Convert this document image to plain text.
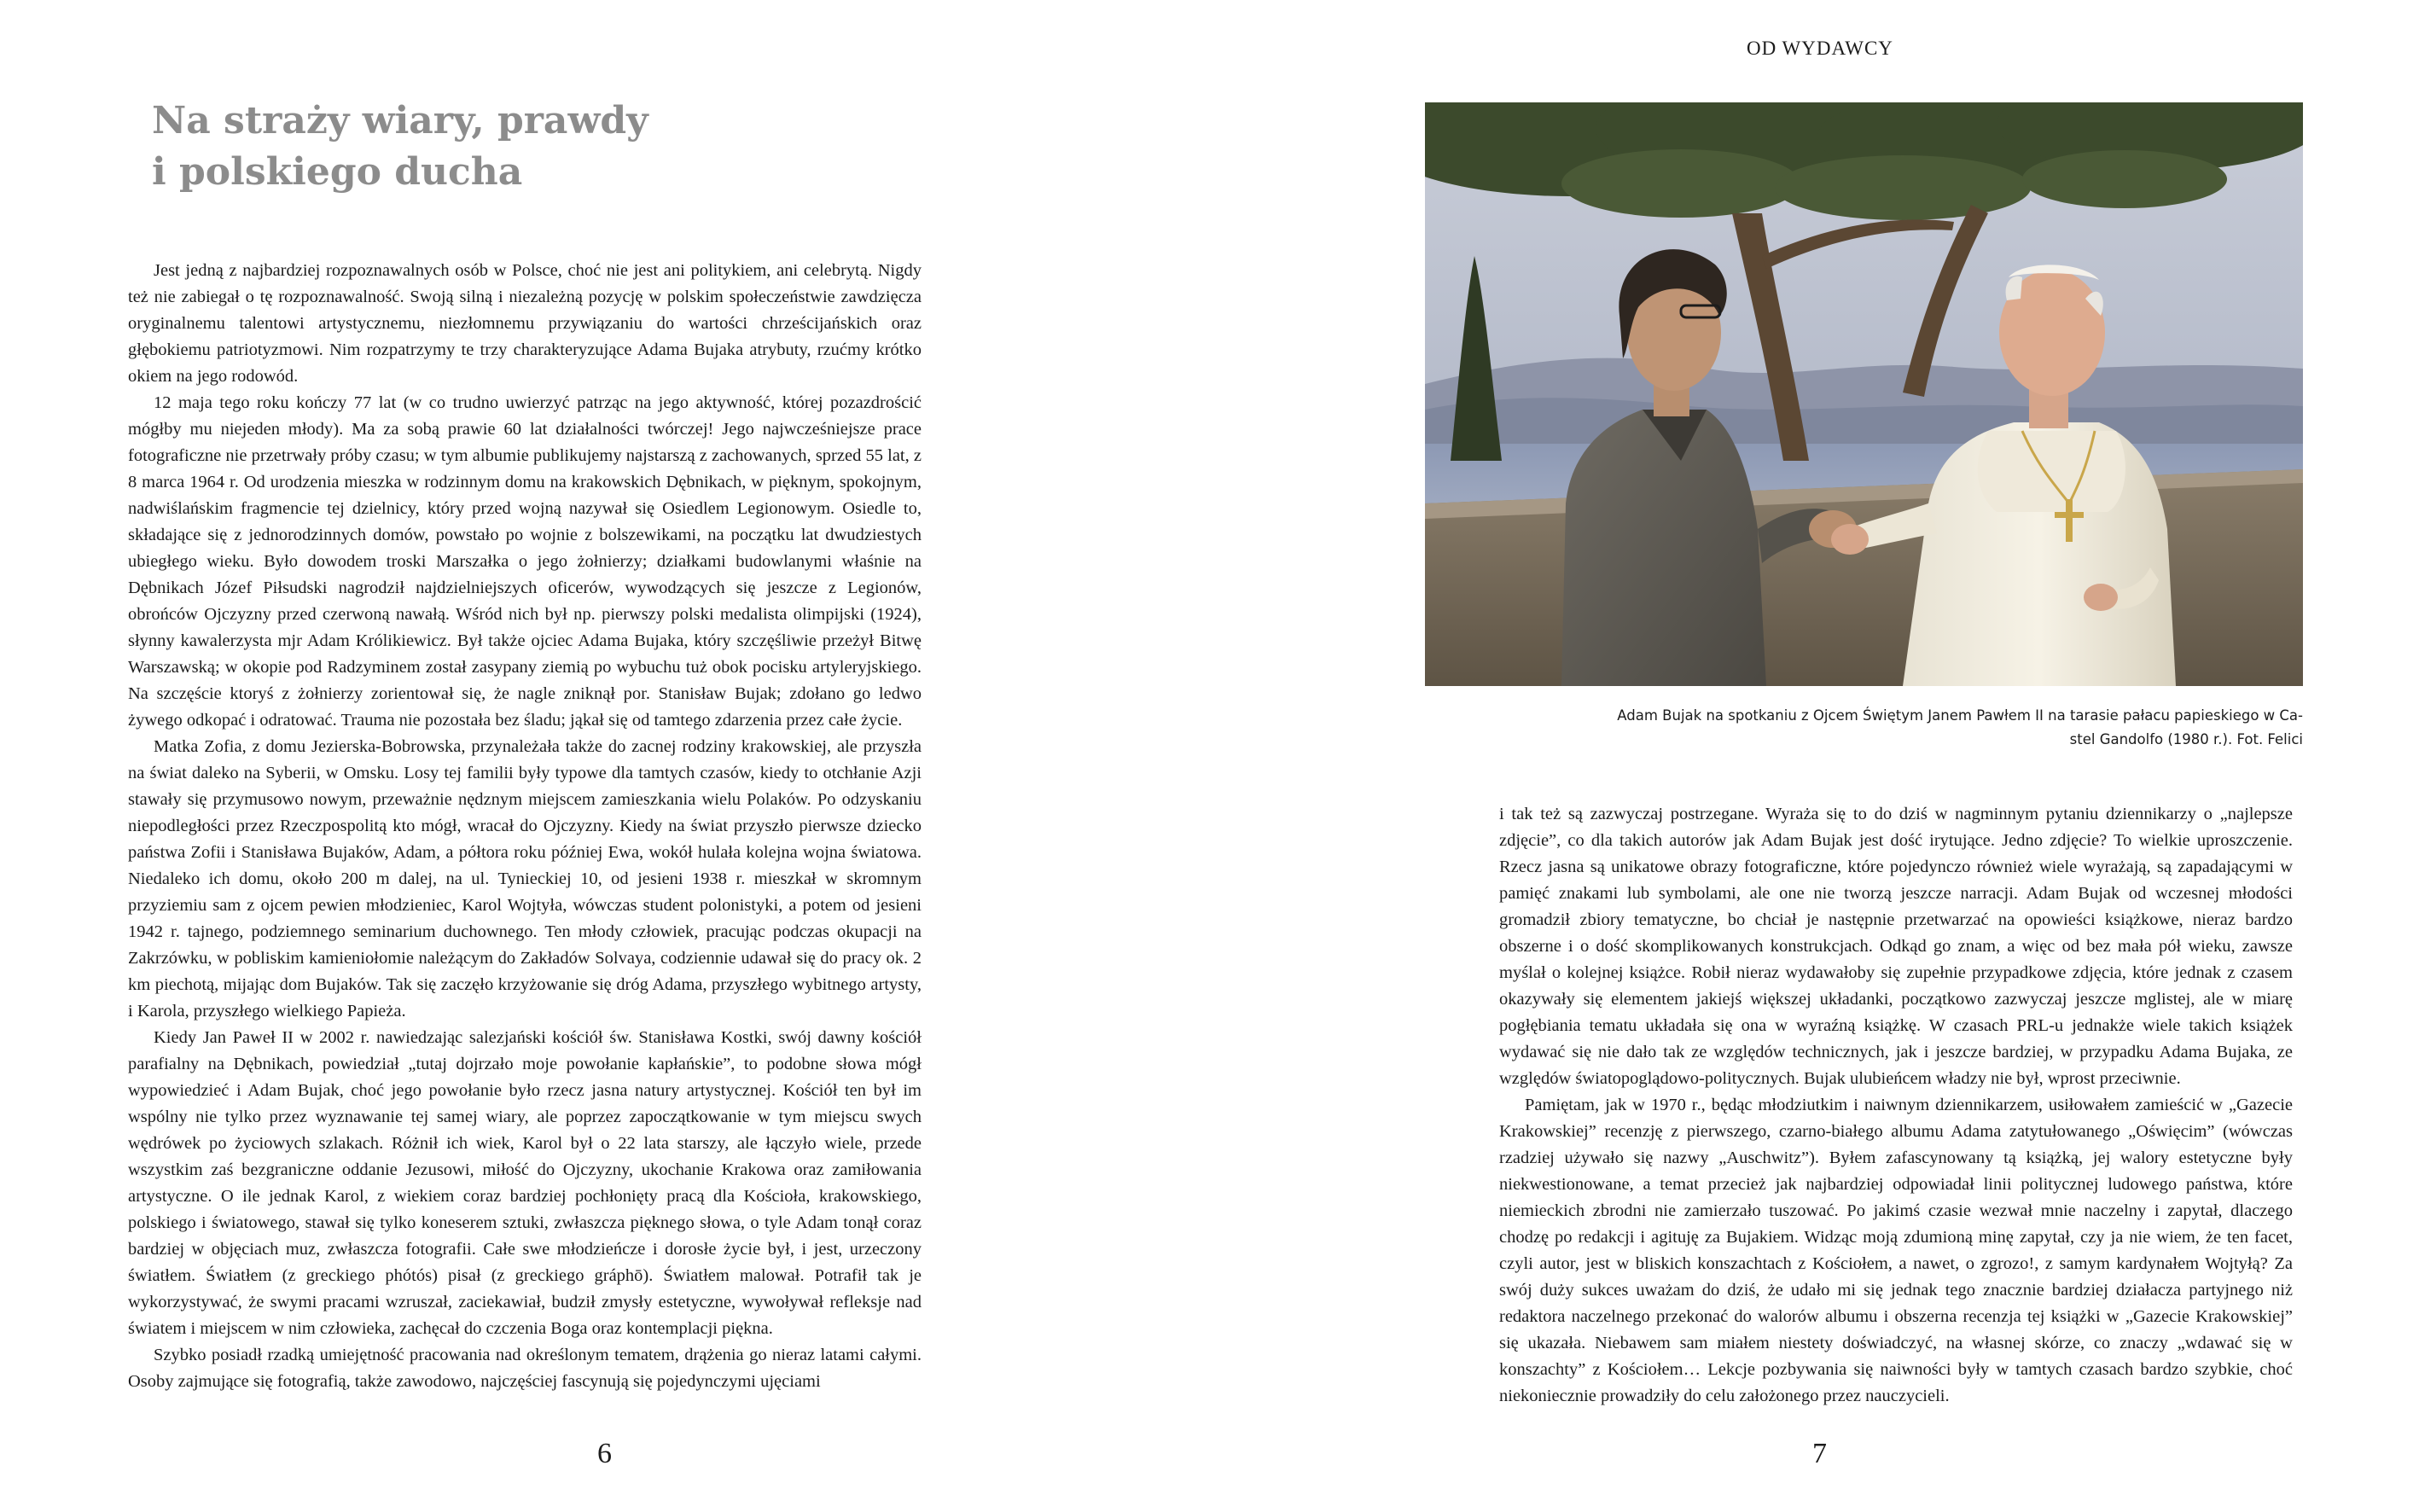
Na straży wiary, prawdy
i polskiego ducha

Jest jedną z najbardziej rozpoznawalnych osób w Polsce, choć nie jest ani politykiem, ani celebrytą. Nigdy też nie zabiegał o tę rozpoznawalność. Swoją silną i niezależną pozycję w polskim społeczeństwie zawdzięcza oryginalnemu talentowi artystycznemu, niezłomnemu przywiązaniu do wartości chrześcijańskich oraz głębokiemu patriotyzmowi. Nim rozpatrzymy te trzy charakteryzujące Adama Bujaka atrybuty, rzućmy krótko okiem na jego rodowód.

12 maja tego roku kończy 77 lat (w co trudno uwierzyć patrząc na jego aktywność, której pozazdrościć mógłby mu niejeden młody). Ma za sobą prawie 60 lat działalności twórczej! Jego najwcześniejsze prace fotograficzne nie przetrwały próby czasu; w tym albumie publikujemy najstarszą z zachowanych, sprzed 55 lat, z 8 marca 1964 r. Od urodzenia mieszka w rodzinnym domu na krakowskich Dębnikach, w pięknym, spokojnym, nadwiślańskim fragmencie tej dzielnicy, który przed wojną nazywał się Osiedlem Legionowym. Osiedle to, składające się z jednorodzinnych domów, powstało po wojnie z bolszewikami, na początku lat dwudziestych ubiegłego wieku. Było dowodem troski Marszałka o jego żołnierzy; działkami budowlanymi właśnie na Dębnikach Józef Piłsudski nagrodził najdzielniejszych oficerów, wywodzących się jeszcze z Legionów, obrońców Ojczyzny przed czerwoną nawałą. Wśród nich był np. pierwszy polski medalista olimpijski (1924), słynny kawalerzysta mjr Adam Królikiewicz. Był także ojciec Adama Bujaka, który szczęśliwie przeżył Bitwę Warszawską; w okopie pod Radzyminem został zasypany ziemią po wybuchu tuż obok pocisku artyleryjskiego. Na szczęście ktoryś z żołnierzy zorientował się, że nagle zniknął por. Stanisław Bujak; zdołano go ledwo żywego odkopać i odratować. Trauma nie pozostała bez śladu; jąkał się od tamtego zdarzenia przez całe życie.

Matka Zofia, z domu Jezierska-Bobrowska, przynależała także do zacnej rodziny krakowskiej, ale przyszła na świat daleko na Syberii, w Omsku. Losy tej familii były typowe dla tamtych czasów, kiedy to otchłanie Azji stawały się przymusowo nowym, przeważnie nędznym miejscem zamieszkania wielu Polaków. Po odzyskaniu niepodległości przez Rzeczpospolitą kto mógł, wracał do Ojczyzny. Kiedy na świat przyszło pierwsze dziecko państwa Zofii i Stanisława Bujaków, Adam, a półtora roku później Ewa, wokół hulała kolejna wojna światowa. Niedaleko ich domu, około 200 m dalej, na ul. Tynieckiej 10, od jesieni 1938 r. mieszkał w skromnym przyziemiu sam z ojcem pewien młodzieniec, Karol Wojtyła, wówczas student polonistyki, a potem od jesieni 1942 r. tajnego, podziemnego seminarium duchownego. Ten młody człowiek, pracując podczas okupacji na Zakrzówku, w pobliskim kamieniołomie należącym do Zakładów Solvaya, codziennie udawał się do pracy ok. 2 km piechotą, mijając dom Bujaków. Tak się zaczęło krzyżowanie się dróg Adama, przyszłego wybitnego artysty, i Karola, przyszłego wielkiego Papieża.

Kiedy Jan Paweł II w 2002 r. nawiedzając salezjański kościół św. Stanisława Kostki, swój dawny kościół parafialny na Dębnikach, powiedział „tutaj dojrzało moje powołanie kapłańskie”, to podobne słowa mógł wypowiedzieć i Adam Bujak, choć jego powołanie było rzecz jasna natury artystycznej. Kościół ten był im wspólny nie tylko przez wyznawanie tej samej wiary, ale poprzez zapoczątkowanie w tym miejscu swych wędrówek po życiowych szlakach. Różnił ich wiek, Karol był o 22 lata starszy, ale łączyło wiele, przede wszystkim zaś bezgraniczne oddanie Jezusowi, miłość do Ojczyzny, ukochanie Krakowa oraz zamiłowania artystyczne. O ile jednak Karol, z wiekiem coraz bardziej pochłonięty pracą dla Kościoła, krakowskiego, polskiego i światowego, stawał się tylko koneserem sztuki, zwłaszcza pięknego słowa, o tyle Adam tonął coraz bardziej w objęciach muz, zwłaszcza fotografii. Całe swe młodzieńcze i dorosłe życie był, i jest, urzeczony światłem. Światłem (z greckiego phótós) pisał (z greckiego gráphō). Światłem malował. Potrafił tak je wykorzystywać, że swymi pracami wzruszał, zaciekawiał, budził zmysły estetyczne, wywoływał refleksje nad światem i miejscem w nim człowieka, zachęcał do czczenia Boga oraz kontemplacji piękna.

Szybko posiadł rzadką umiejętność pracowania nad określonym tematem, drążenia go nieraz latami całymi. Osoby zajmujące się fotografią, także zawodowo, najczęściej fascynują się pojedynczymi ujęciami

6
OD WYDAWCY
Adam Bujak na spotkaniu z Ojcem Świętym Janem Pawłem II na tarasie pałacu papieskiego w Ca-
stel Gandolfo (1980 r.). Fot. Felici

i tak też są zazwyczaj postrzegane. Wyraża się to do dziś w nagminnym pytaniu dziennikarzy o „najlepsze zdjęcie”, co dla takich autorów jak Adam Bujak jest dość irytujące. Jedno zdjęcie? To wielkie uproszczenie. Rzecz jasna są unikatowe obrazy fotograficzne, które pojedynczo również wiele wyrażają, są zapadającymi w pamięć znakami lub symbolami, ale one nie tworzą jeszcze narracji. Adam Bujak od wczesnej młodości gromadził zbiory tematyczne, bo chciał je następnie przetwarzać na opowieści książkowe, nieraz bardzo obszerne i o dość skomplikowanych konstrukcjach. Odkąd go znam, a więc od bez mała pół wieku, zawsze myślał o kolejnej książce. Robił nieraz wydawałoby się zupełnie przypadkowe zdjęcia, które jednak z czasem okazywały się elementem jakiejś większej układanki, początkowo zazwyczaj jeszcze mglistej, ale w miarę pogłębiania tematu układała się ona w wyraźną książkę. W czasach PRL-u jednakże wiele takich książek wydawać się nie dało tak ze względów technicznych, jak i jeszcze bardziej, w przypadku Adama Bujaka, ze względów światopoglądowo-politycznych. Bujak ulubieńcem władzy nie był, wprost przeciwnie.

Pamiętam, jak w 1970 r., będąc młodziutkim i naiwnym dziennikarzem, usiłowałem zamieścić w „Gazecie Krakowskiej” recenzję z pierwszego, czarno-białego albumu Adama zatytułowanego „Oświęcim” (wówczas rzadziej używało się nazwy „Auschwitz”). Byłem zafascynowany tą książką, jej walory estetyczne były niekwestionowane, a temat przecież jak najbardziej odpowiadał linii politycznej ludowego państwa, które niemieckich zbrodni nie zamierzało tuszować. Po jakimś czasie wezwał mnie naczelny i zapytał, dlaczego chodzę po redakcji i agituję za Bujakiem. Widząc moją zdumioną minę zapytał, czy ja nie wiem, że ten facet, czyli autor, jest w bliskich konszachtach z Kościołem, a nawet, o zgrozo!, z samym kardynałem Wojtyłą? Za swój duży sukces uważam do dziś, że udało mi się jednak tego znacznie bardziej działacza partyjnego niż redaktora naczelnego przekonać do walorów albumu i obszerna recenzja tej książki w „Gazecie Krakowskiej” się ukazała. Niebawem sam miałem niestety doświadczyć, na własnej skórze, co znaczy „wdawać się w konszachty” z Kościołem… Lekcje pozbywania się naiwności były w tamtych czasach bardzo szybkie, choć niekoniecznie prowadziły do celu założonego przez nauczycieli.

7
